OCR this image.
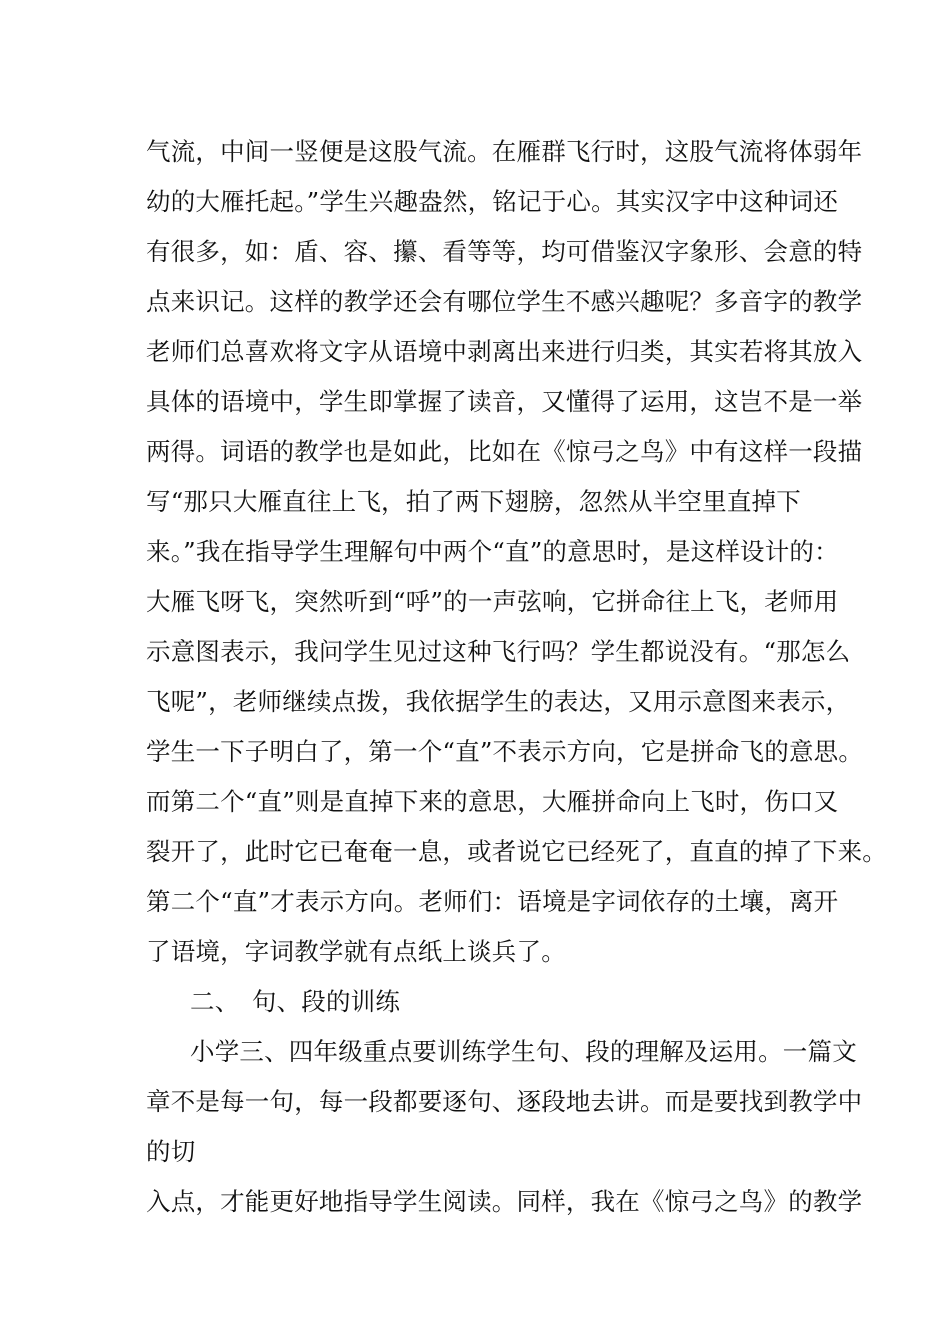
气流，中间一竖便是这股气流。在雁群飞行时，这股气流将体弱年
幼的大雁托起。”学生兴趣盎然，铭记于心。其实汉字中这种词还
有很多，如：盾、容、攥、看等等，均可借鉴汉字象形、会意的特
点来识记。这样的教学还会有哪位学生不感兴趣呢？多音字的教学
老师们总喜欢将文字从语境中剥离出来进行归类，其实若将其放入
具体的语境中，学生即掌握了读音，又懂得了运用，这岂不是一举
两得。词语的教学也是如此，比如在《惊弓之鸟》中有这样一段描
写“那只大雁直往上飞，拍了两下翅膀，忽然从半空里直掉下
来。”我在指导学生理解句中两个“直”的意思时，是这样设计的：
大雁飞呀飞，突然听到“呼”的一声弦响，它拼命往上飞，老师用
示意图表示，我问学生见过这种飞行吗？学生都说没有。“那怎么
飞呢”，老师继续点拨，我依据学生的表达，又用示意图来表示，
学生一下子明白了，第一个“直”不表示方向，它是拼命飞的意思。
而第二个“直”则是直掉下来的意思，大雁拼命向上飞时，伤口又
裂开了，此时它已奄奄一息，或者说它已经死了，直直的掉了下来。
第二个“直”才表示方向。老师们：语境是字词依存的土壤，离开
了语境，字词教学就有点纸上谈兵了。
二、　句、段的训练
小学三、四年级重点要训练学生句、段的理解及运用。一篇文
章不是每一句，每一段都要逐句、逐段地去讲。而是要找到教学中
的切
入点，才能更好地指导学生阅读。同样，我在《惊弓之鸟》的教学
